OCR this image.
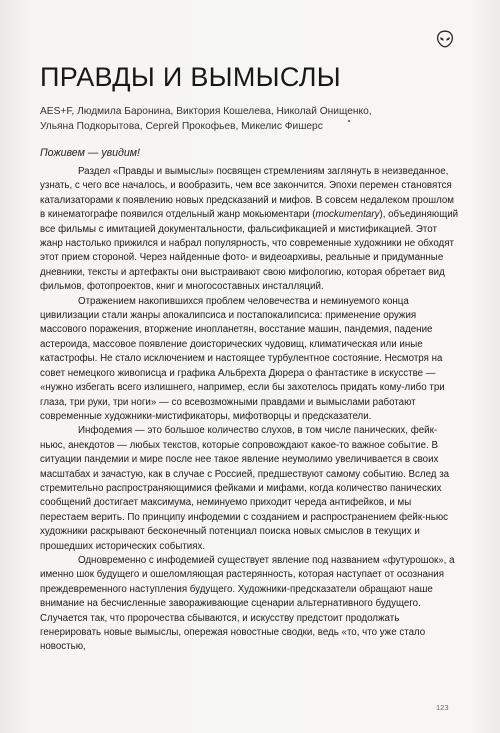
ПРАВДЫ И ВЫМЫСЛЫ
AES+F, Людмила Баронина, Виктория Кошелева, Николай Онищенко,
Ульяна Подкорытова, Сергей Прокофьев, Микелис Фишерс
Поживем — увидим!

Раздел «Правды и вымыслы» посвящен стремлениям заглянуть в неизведанное, узнать, с чего все началось, и вообразить, чем все закончится. Эпохи перемен становятся катализаторами к появлению новых предсказаний и мифов. В совсем недалеком прошлом в кинематографе появился отдельный жанр мокьюментари (mockumentary), объединяющий все фильмы с имитацией документальности, фальсификацией и мистификацией. Этот жанр настолько прижился и набрал популярность, что современные художники не обходят этот прием стороной. Через найденные фото- и видеоархивы, реальные и придуманные дневники, тексты и артефакты они выстраивают свою мифологию, которая обретает вид фильмов, фотопроектов, книг и многосоставных инсталляций.

Отражением накопившихся проблем человечества и неминуемого конца цивилизации стали жанры апокалипсиса и постапокалипсиса: применение оружия массового поражения, вторжение инопланетян, восстание машин, пандемия, падение астероида, массовое появление доисторических чудовищ, климатическая или иные катастрофы. Не стало исключением и настоящее турбулентное состояние. Несмотря на совет немецкого живописца и графика Альбрехта Дюрера о фантастике в искусстве — «нужно избегать всего излишнего, например, если бы захотелось придать кому-либо три глаза, три руки, три ноги» — со всевозможными правдами и вымыслами работают современные художники-мистификаторы, мифотворцы и предсказатели.

Инфодемия — это большое количество слухов, в том числе панических, фейк-ньюс, анекдотов — любых текстов, которые сопровождают какое-то важное событие. В ситуации пандемии и мире после нее такое явление неумолимо увеличивается в своих масштабах и зачастую, как в случае с Россией, предшествуют самому событию. Вслед за стремительно распространяющимися фейками и мифами, когда количество панических сообщений достигает максимума, неминуемо приходит череда антифейков, и мы перестаем верить. По принципу инфодемии с созданием и распространением фейк-ньюс художники раскрывают бесконечный потенциал поиска новых смыслов в текущих и прошедших исторических событиях.

Одновременно с инфодемией существует явление под названием «футурошок», а именно шок будущего и ошеломляющая растерянность, которая наступает от осознания преждевременного наступления будущего. Художники-предсказатели обращают наше внимание на бесчисленные завораживающие сценарии альтернативного будущего. Случается так, что пророчества сбываются, и искусству предстоит продолжать генерировать новые вымыслы, опережая новостные сводки, ведь «то, что уже стало новостью,

123
